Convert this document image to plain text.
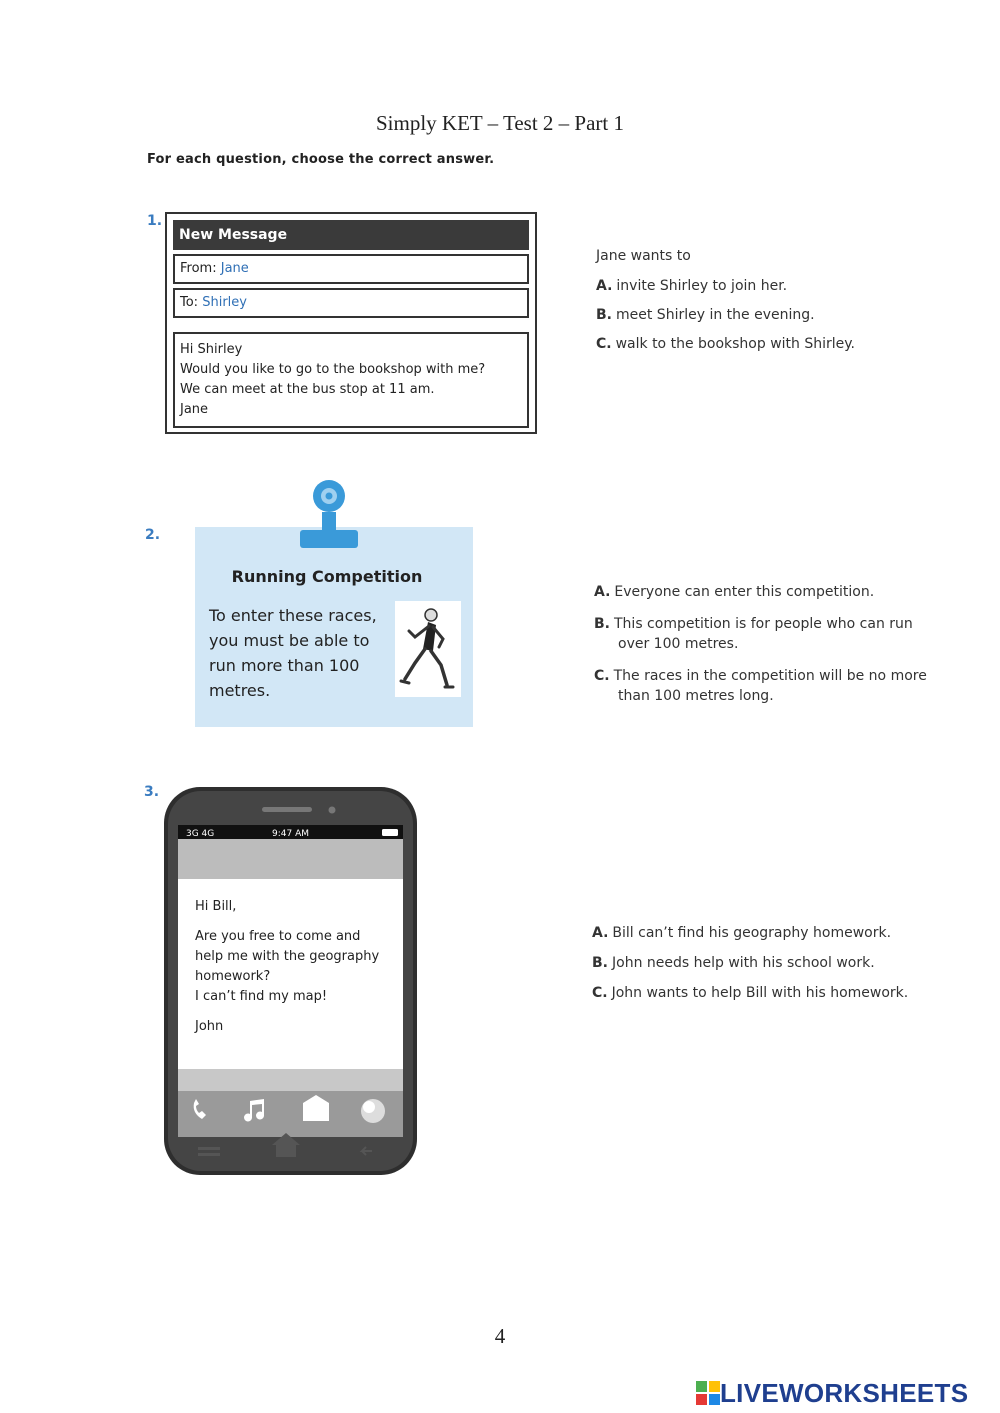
Simply KET – Test 2 – Part 1
For each question, choose the correct answer.
1.
New Message
From: Jane
To: Shirley
Hi Shirley
Would you like to go to the bookshop with me?
We can meet at the bus stop at 11 am.
Jane
Jane wants to
A. invite Shirley to join her.
B. meet Shirley in the evening.
C. walk to the bookshop with Shirley.
2.
Running Competition
To enter these races,
you must be able to
run more than 100
metres.
A. Everyone can enter this competition.
B. This competition is for people who can run
over 100 metres.
C. The races in the competition will be no more
than 100 metres long.
3.
3G 4G	9:47 AM

Hi Bill,

Are you free to come and
help me with the geography
homework?
I can’t find my map!

John

A. Bill can’t find his geography homework.
B. John needs help with his school work.
C. John wants to help Bill with his homework.
4
LIVEWORKSHEETS
